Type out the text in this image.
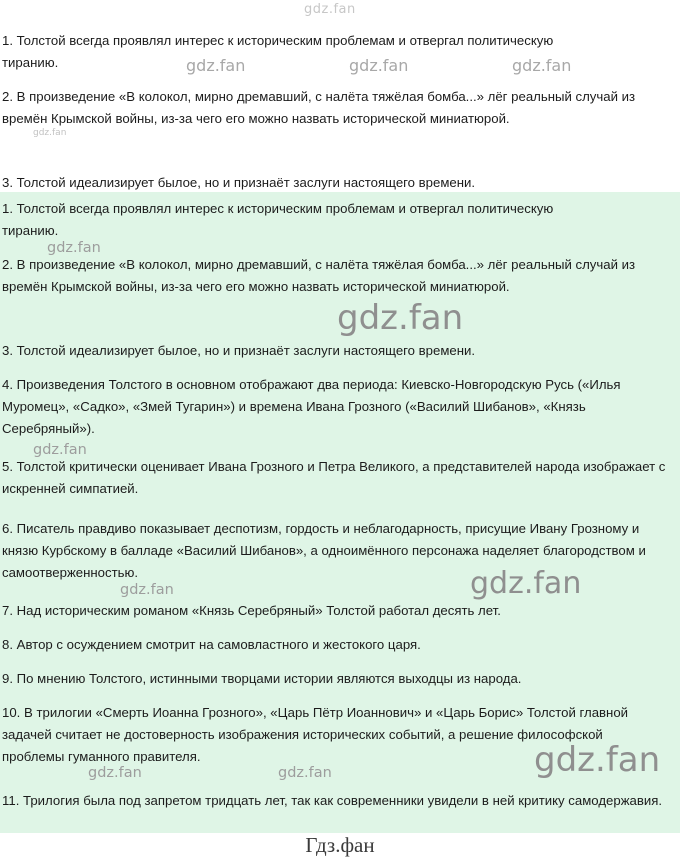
1. Толстой всегда проявлял интерес к историческим проблемам и отвергал политическую тиранию.
2. В произведение «В колокол, мирно дремавший, с налёта тяжёлая бомба...» лёг реальный случай из времён Крымской войны, из-за чего его можно назвать исторической миниатюрой.
3. Толстой идеализирует былое, но и признаёт заслуги настоящего времени.
1. Толстой всегда проявлял интерес к историческим проблемам и отвергал политическую тиранию.
2. В произведение «В колокол, мирно дремавший, с налёта тяжёлая бомба...» лёг реальный случай из времён Крымской войны, из-за чего его можно назвать исторической миниатюрой.
3. Толстой идеализирует былое, но и признаёт заслуги настоящего времени.
4. Произведения Толстого в основном отображают два периода: Киевско-Новгородскую Русь («Илья Муромец», «Садко», «Змей Тугарин») и времена Ивана Грозного («Василий Шибанов», «Князь Серебряный»).
5. Толстой критически оценивает Ивана Грозного и Петра Великого, а представителей народа изображает с искренней симпатией.
6. Писатель правдиво показывает деспотизм, гордость и неблагодарность, присущие Ивану Грозному и князю Курбскому в балладе «Василий Шибанов», а одноимённого персонажа наделяет благородством и самоотверженностью.
7. Над историческим романом «Князь Серебряный» Толстой работал десять лет.
8. Автор с осуждением смотрит на самовластного и жестокого царя.
9. По мнению Толстого, истинными творцами истории являются выходцы из народа.
10. В трилогии «Смерть Иоанна Грозного», «Царь Пётр Иоаннович» и «Царь Борис» Толстой главной задачей считает не достоверность изображения исторических событий, а решение философской проблемы гуманного правителя.
11. Трилогия была под запретом тридцать лет, так как современники увидели в ней критику самодержавия.
gdz.fan
gdz.fan	gdz.fan	gdz.fan
gdz.fan
gdz.fan
gdz.fan
gdz.fan
gdz.fan
gdz.fan
gdz.fan	gdz.fan	gdz.fan
Гдз.фан
